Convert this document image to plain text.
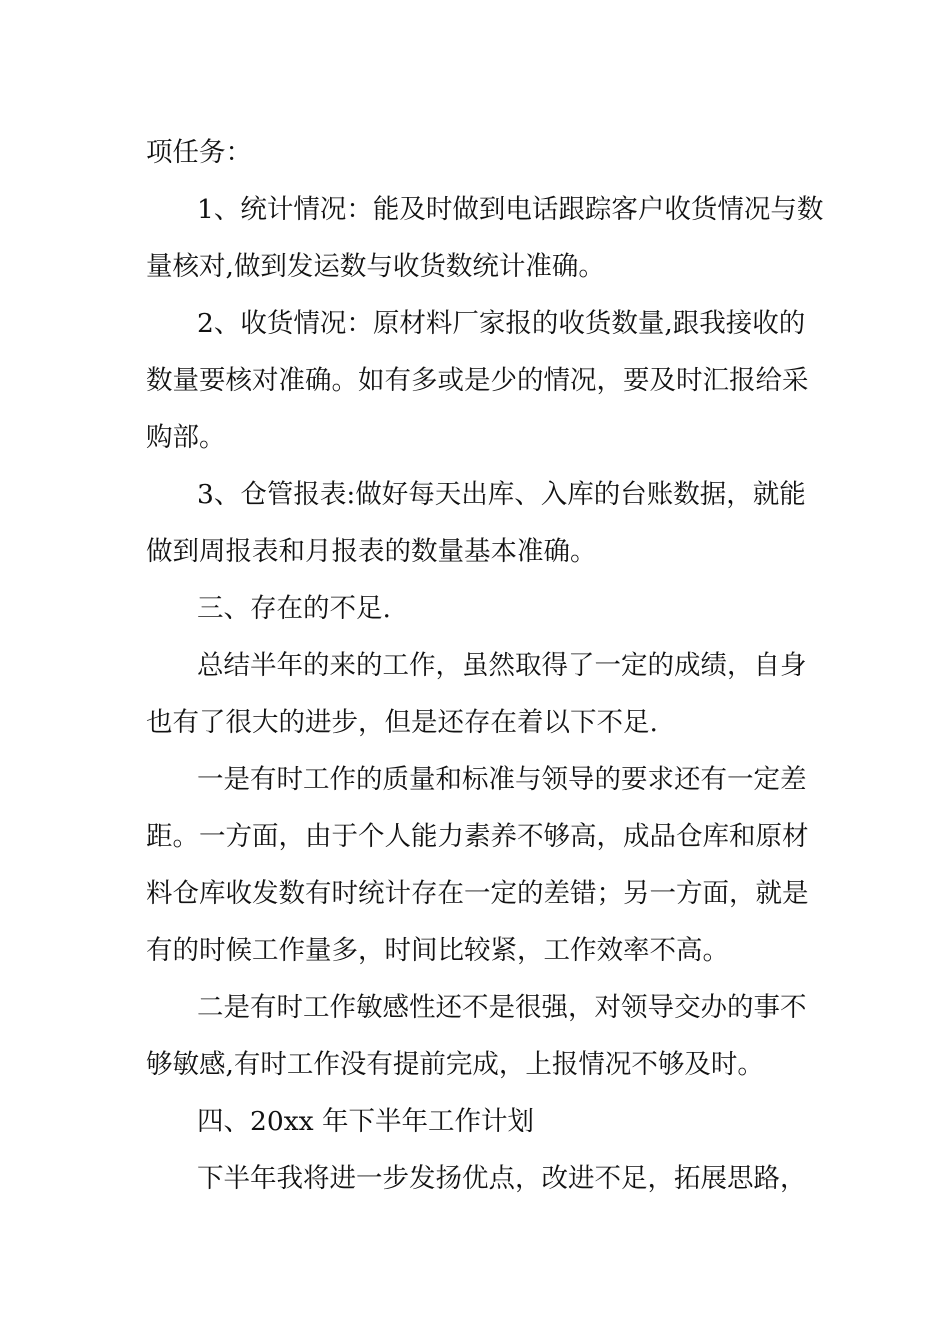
项任务：
1、统计情况：能及时做到电话跟踪客户收货情况与数
量核对,做到发运数与收货数统计准确。
2、收货情况：原材料厂家报的收货数量,跟我接收的
数量要核对准确。如有多或是少的情况，要及时汇报给采
购部。
3、仓管报表:做好每天出库、入库的台账数据，就能
做到周报表和月报表的数量基本准确。
三、存在的不足.
总结半年的来的工作，虽然取得了一定的成绩，自身
也有了很大的进步，但是还存在着以下不足.
一是有时工作的质量和标准与领导的要求还有一定差
距。一方面，由于个人能力素养不够高，成品仓库和原材
料仓库收发数有时统计存在一定的差错；另一方面，就是
有的时候工作量多，时间比较紧，工作效率不高。
二是有时工作敏感性还不是很强，对领导交办的事不
够敏感,有时工作没有提前完成，上报情况不够及时。
四、20xx 年下半年工作计划
下半年我将进一步发扬优点，改进不足，拓展思路，
